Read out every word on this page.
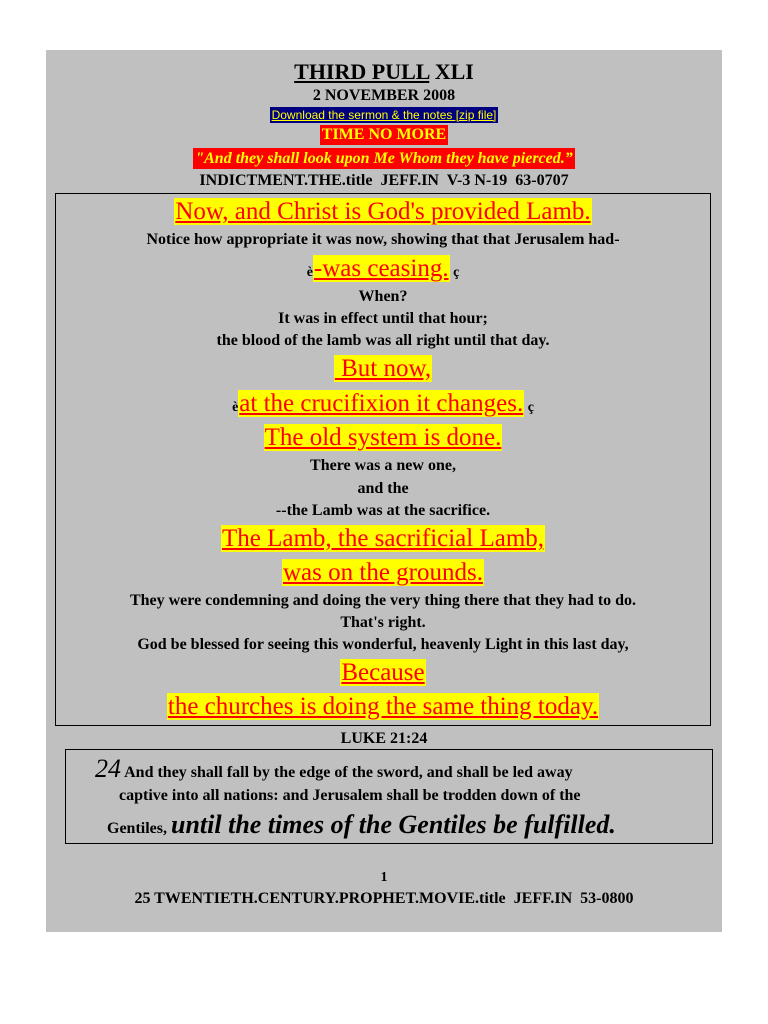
THIRD PULL XLI
2 NOVEMBER 2008
Download the sermon & the notes [zip file]
TIME NO MORE
"And they shall look upon Me Whom they have pierced.”
INDICTMENT.THE.title  JEFF.IN  V-3 N-19  63-0707
Now, and Christ is God's provided Lamb.
Notice how appropriate it was now, showing that that Jerusalem had-
è-was ceasing. ç
When?
It was in effect until that hour;
the blood of the lamb was all right until that day.
But now,
èat the crucifixion it changes. ç
The old system is done.
There was a new one,
and the
--the Lamb was at the sacrifice.
The Lamb, the sacrificial Lamb,
was on the grounds.
They were condemning and doing the very thing there that they had to do.
That's right.
God be blessed for seeing this wonderful, heavenly Light in this last day,
Because
the churches is doing the same thing today.
LUKE 21:24
24 And they shall fall by the edge of the sword, and shall be led away
captive into all nations: and Jerusalem shall be trodden down of the
Gentiles, until the times of the Gentiles be fulfilled.
1
25 TWENTIETH.CENTURY.PROPHET.MOVIE.title  JEFF.IN  53-0800
